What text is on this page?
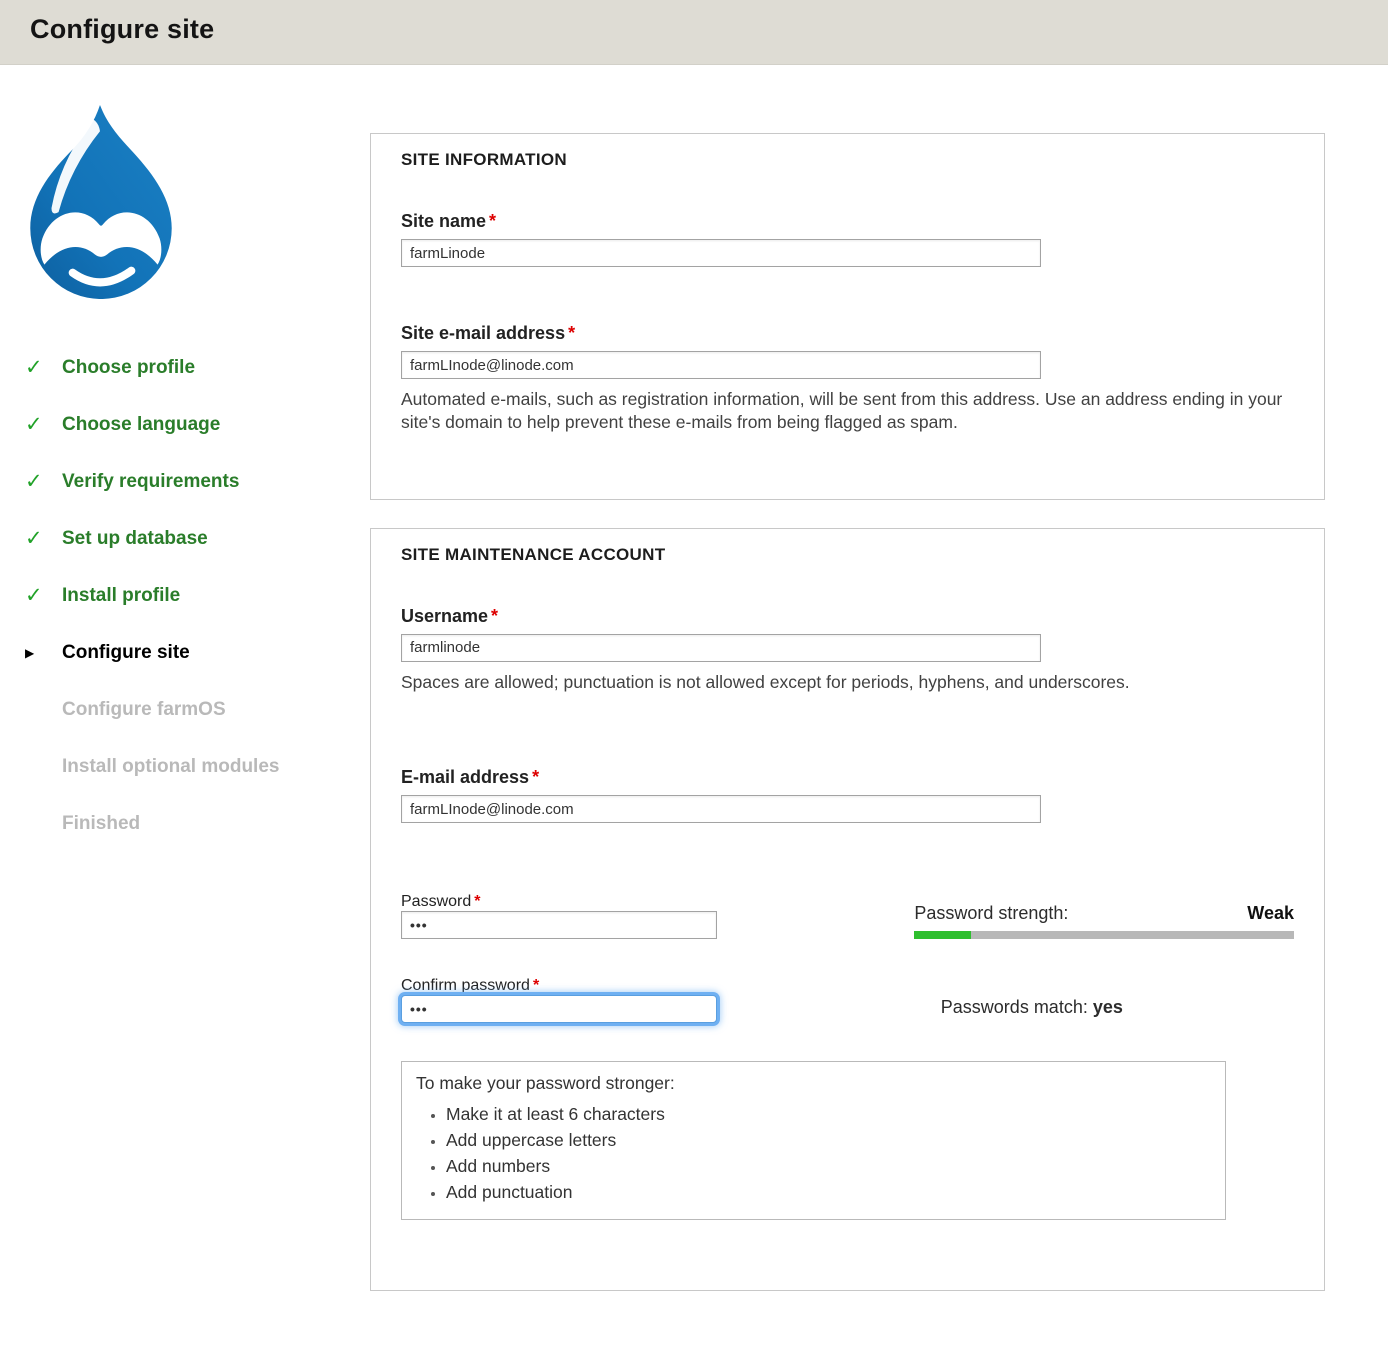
Configure site
✓	Choose profile
✓	Choose language
✓	Verify requirements
✓	Set up database
✓	Install profile
▶	Configure site
Configure farmOS
Install optional modules
Finished
SITE INFORMATION
Site name *
farmLinode
Site e-mail address *
farmLInode@linode.com
Automated e-mails, such as registration information, will be sent from this address. Use an address ending in your site's domain to help prevent these e-mails from being flagged as spam.
SITE MAINTENANCE ACCOUNT
Username *
farmlinode
Spaces are allowed; punctuation is not allowed except for periods, hyphens, and underscores.
E-mail address *
farmLInode@linode.com
Password * •••
Password strength:	Weak
Confirm password * •••
Passwords match: yes

To make your password stronger:

• Make it at least 6 characters
• Add uppercase letters
• Add numbers
• Add punctuation
